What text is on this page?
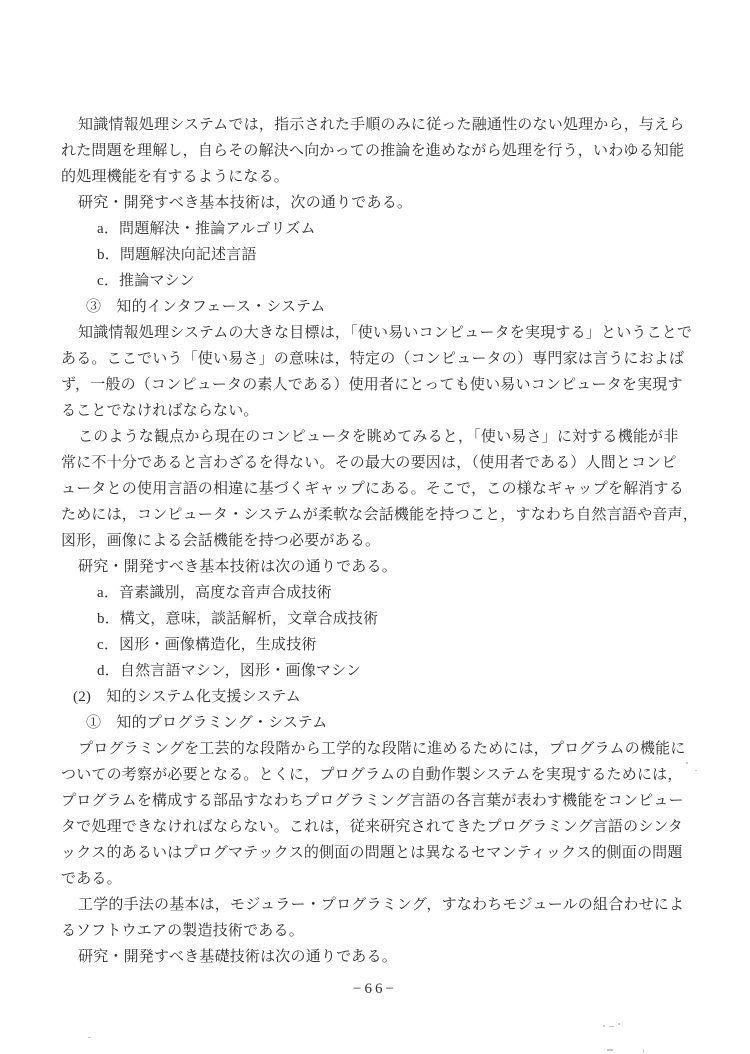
知識情報処理システムでは，指示された手順のみに従った融通性のない処理から，与えら
れた問題を理解し，自らその解決へ向かっての推論を進めながら処理を行う，いわゆる知能
的処理機能を有するようになる。
研究・開発すべき基本技術は，次の通りである。
a．問題解決・推論アルゴリズム
b．問題解決向記述言語
c．推論マシン
③　知的インタフェース・システム
知識情報処理システムの大きな目標は，「使い易いコンピュータを実現する」ということで
ある。ここでいう「使い易さ」の意味は，特定の（コンピュータの）専門家は言うにおよば
ず，一般の（コンピュータの素人である）使用者にとっても使い易いコンピュータを実現す
ることでなければならない。
このような観点から現在のコンピュータを眺めてみると，「使い易さ」に対する機能が非
常に不十分であると言わざるを得ない。その最大の要因は，（使用者である）人間とコンピ
ュータとの使用言語の相違に基づくギャップにある。そこで，この様なギャップを解消する
ためには，コンピュータ・システムが柔軟な会話機能を持つこと，すなわち自然言語や音声，
図形，画像による会話機能を持つ必要がある。
研究・開発すべき基本技術は次の通りである。
a．音素識別，高度な音声合成技術
b．構文，意味，談話解析，文章合成技術
c．図形・画像構造化，生成技術
d．自然言語マシン，図形・画像マシン
(2)　知的システム化支援システム
①　知的プログラミング・システム
プログラミングを工芸的な段階から工学的な段階に進めるためには，プログラムの機能に
ついての考察が必要となる。とくに，プログラムの自動作製システムを実現するためには，
プログラムを構成する部品すなわちプログラミング言語の各言葉が表わす機能をコンピュー
タで処理できなければならない。これは，従来研究されてきたプログラミング言語のシンタ
ックス的あるいはプログマテックス的側面の問題とは異なるセマンティックス的側面の問題
である。
工学的手法の基本は，モジュラー・プログラミング，すなわちモジュールの組合わせによ
るソフトウエアの製造技術である。
研究・開発すべき基礎技術は次の通りである。
−66−
